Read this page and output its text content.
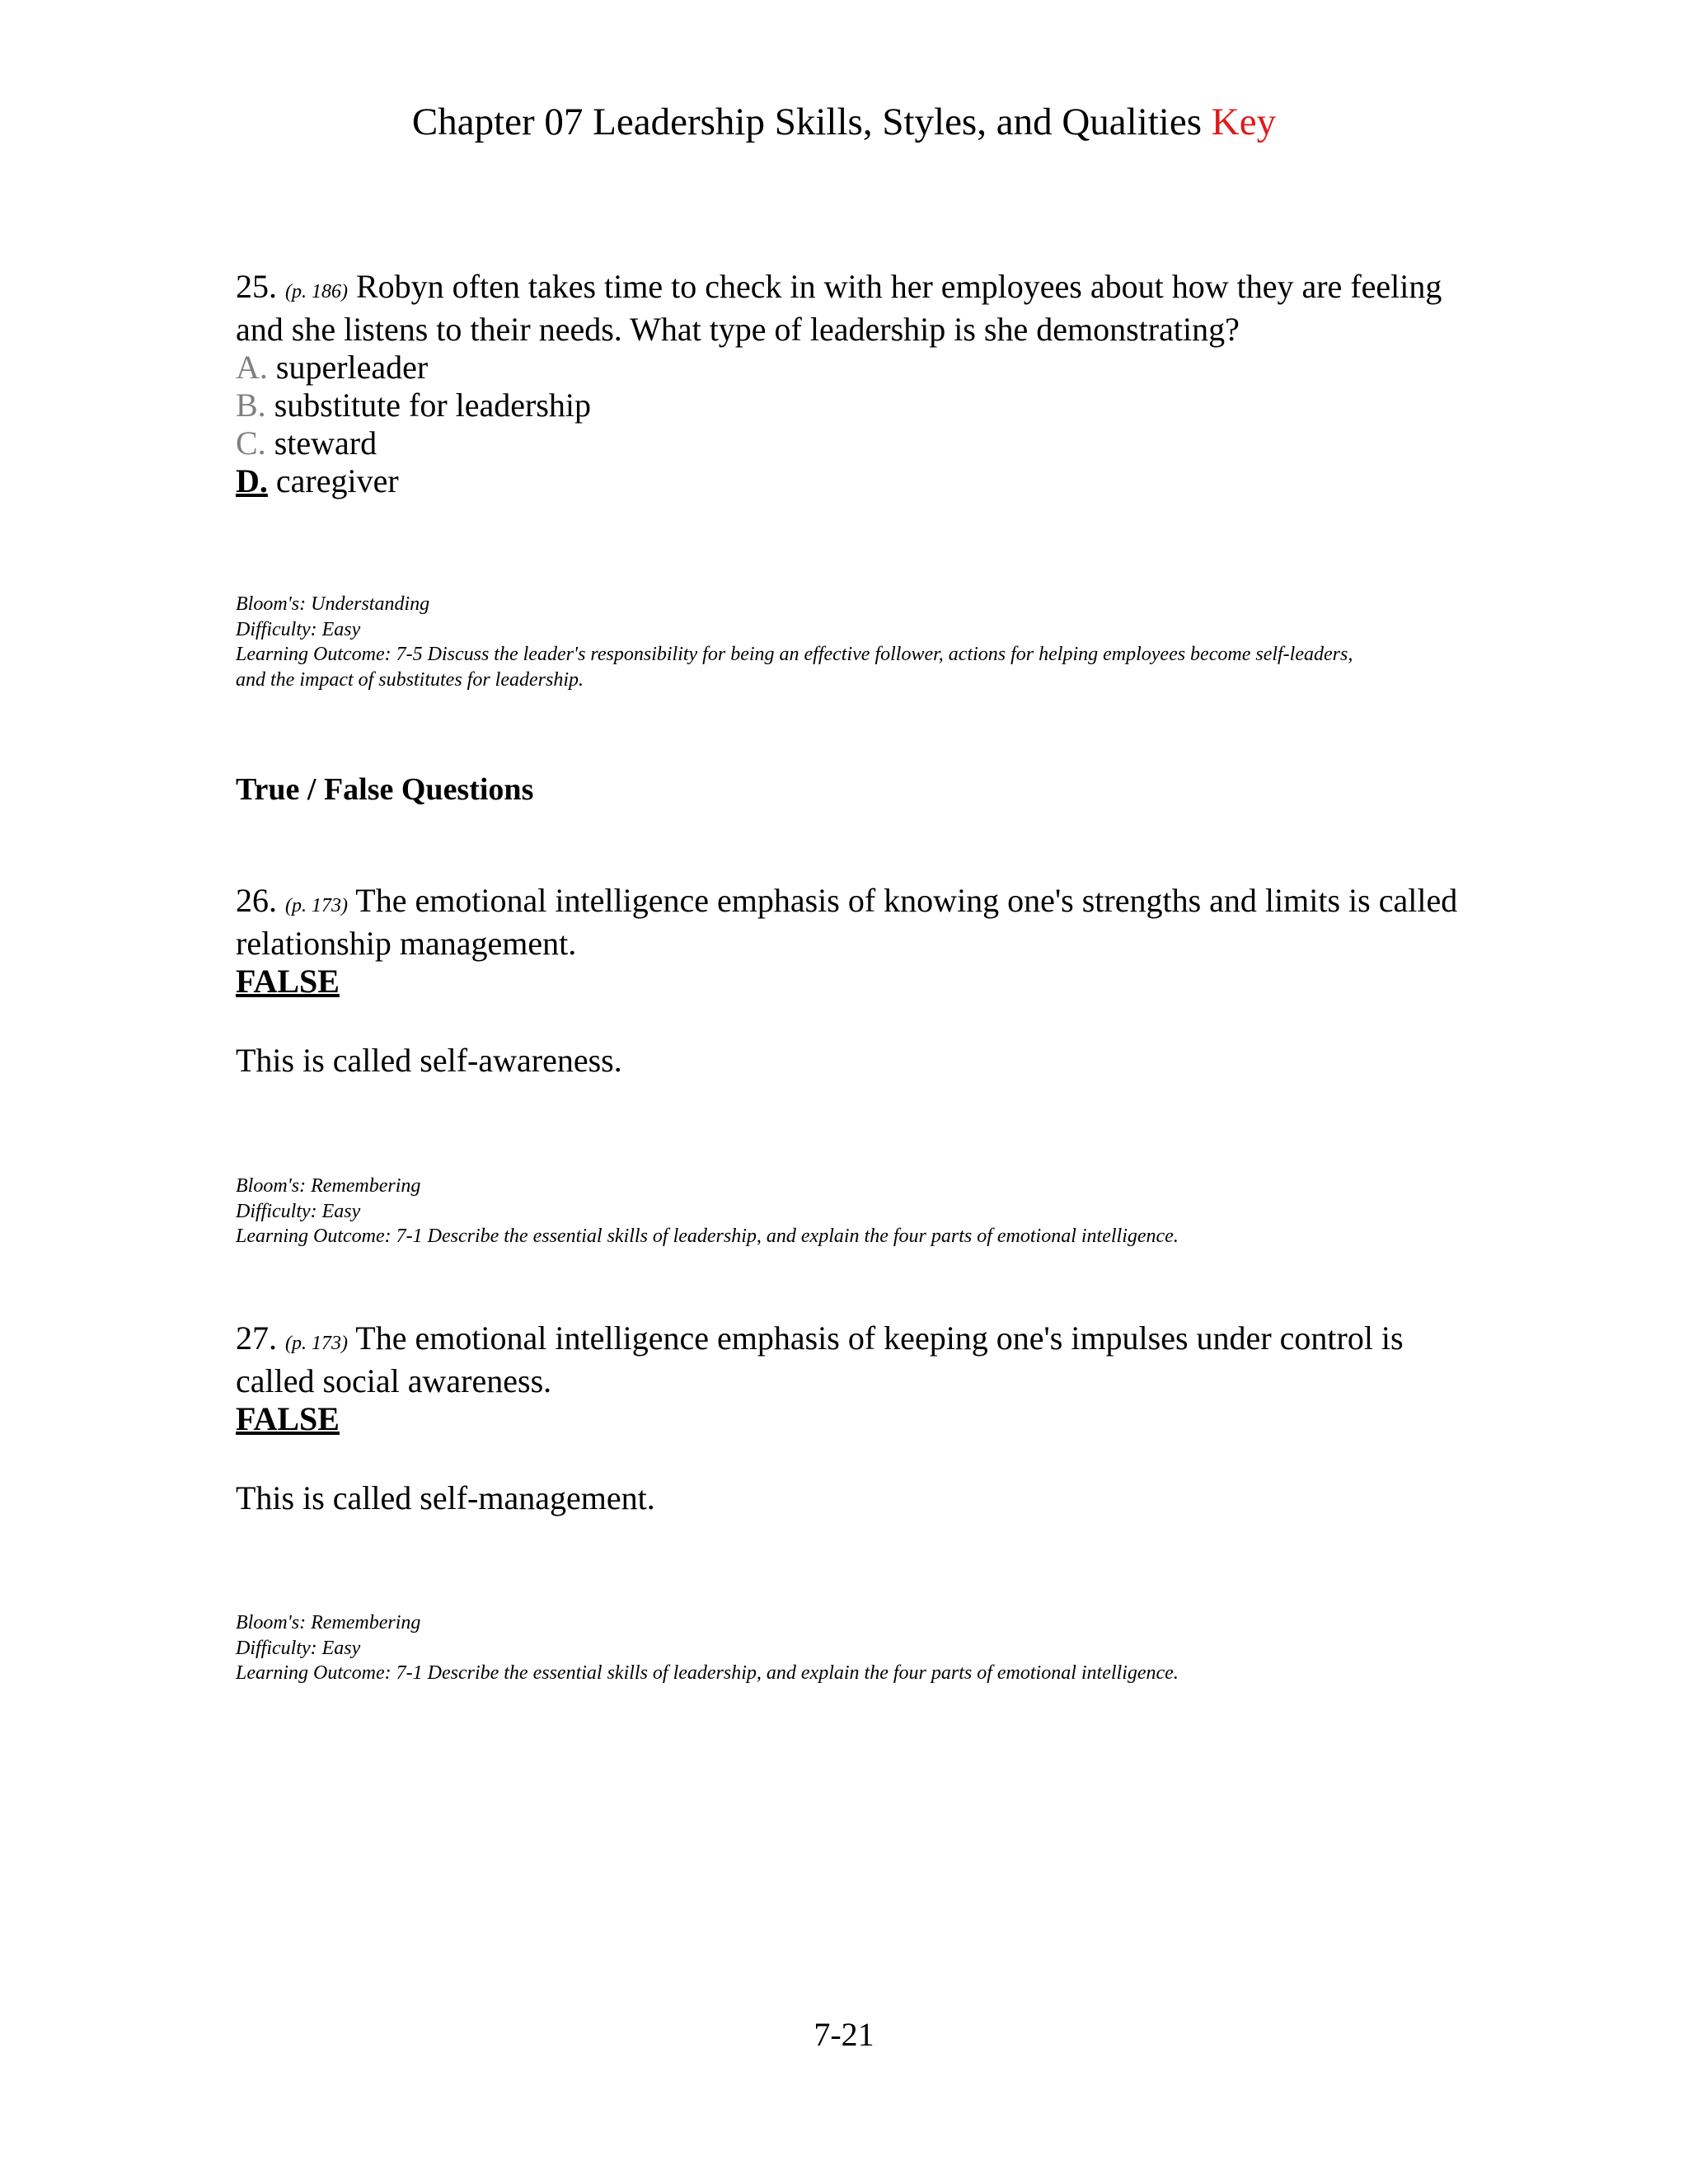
Chapter 07 Leadership Skills, Styles, and Qualities Key
25. (p. 186) Robyn often takes time to check in with her employees about how they are feeling
and she listens to their needs. What type of leadership is she demonstrating?
A. superleader
B. substitute for leadership
C. steward
D. caregiver
Bloom's: Understanding
Difficulty: Easy
Learning Outcome: 7-5 Discuss the leader's responsibility for being an effective follower, actions for helping employees become self-leaders,
and the impact of substitutes for leadership.
True / False Questions
26. (p. 173) The emotional intelligence emphasis of knowing one's strengths and limits is called
relationship management.
FALSE
This is called self-awareness.
Bloom's: Remembering
Difficulty: Easy
Learning Outcome: 7-1 Describe the essential skills of leadership, and explain the four parts of emotional intelligence.
27. (p. 173) The emotional intelligence emphasis of keeping one's impulses under control is
called social awareness.
FALSE
This is called self-management.
Bloom's: Remembering
Difficulty: Easy
Learning Outcome: 7-1 Describe the essential skills of leadership, and explain the four parts of emotional intelligence.
7-21
